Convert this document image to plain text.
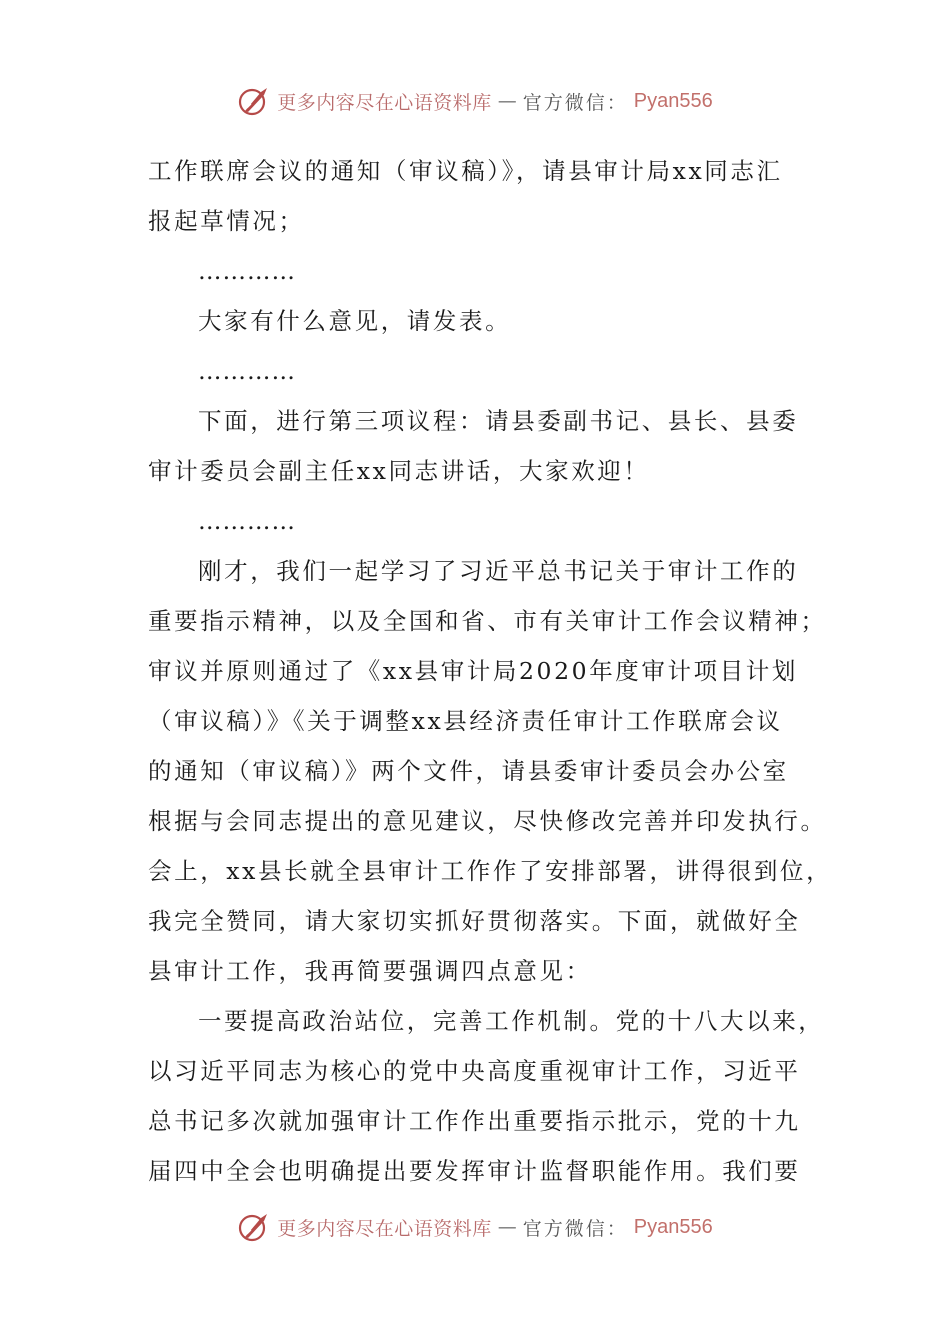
更多内容尽在心语资料库 — 官方微信： Pyan556
工作联席会议的通知（审议稿）》，请县审计局xx同志汇
报起草情况；
…………
大家有什么意见，请发表。
…………
下面，进行第三项议程：请县委副书记、县长、县委
审计委员会副主任xx同志讲话，大家欢迎！
…………
刚才，我们一起学习了习近平总书记关于审计工作的
重要指示精神，以及全国和省、市有关审计工作会议精神；
审议并原则通过了《xx县审计局2020年度审计项目计划
（审议稿）》《关于调整xx县经济责任审计工作联席会议
的通知（审议稿）》两个文件，请县委审计委员会办公室
根据与会同志提出的意见建议，尽快修改完善并印发执行。
会上，xx县长就全县审计工作作了安排部署，讲得很到位，
我完全赞同，请大家切实抓好贯彻落实。下面，就做好全
县审计工作，我再简要强调四点意见：
一要提高政治站位，完善工作机制。党的十八大以来，
以习近平同志为核心的党中央高度重视审计工作，习近平
总书记多次就加强审计工作作出重要指示批示，党的十九
届四中全会也明确提出要发挥审计监督职能作用。我们要
更多内容尽在心语资料库 — 官方微信： Pyan556
